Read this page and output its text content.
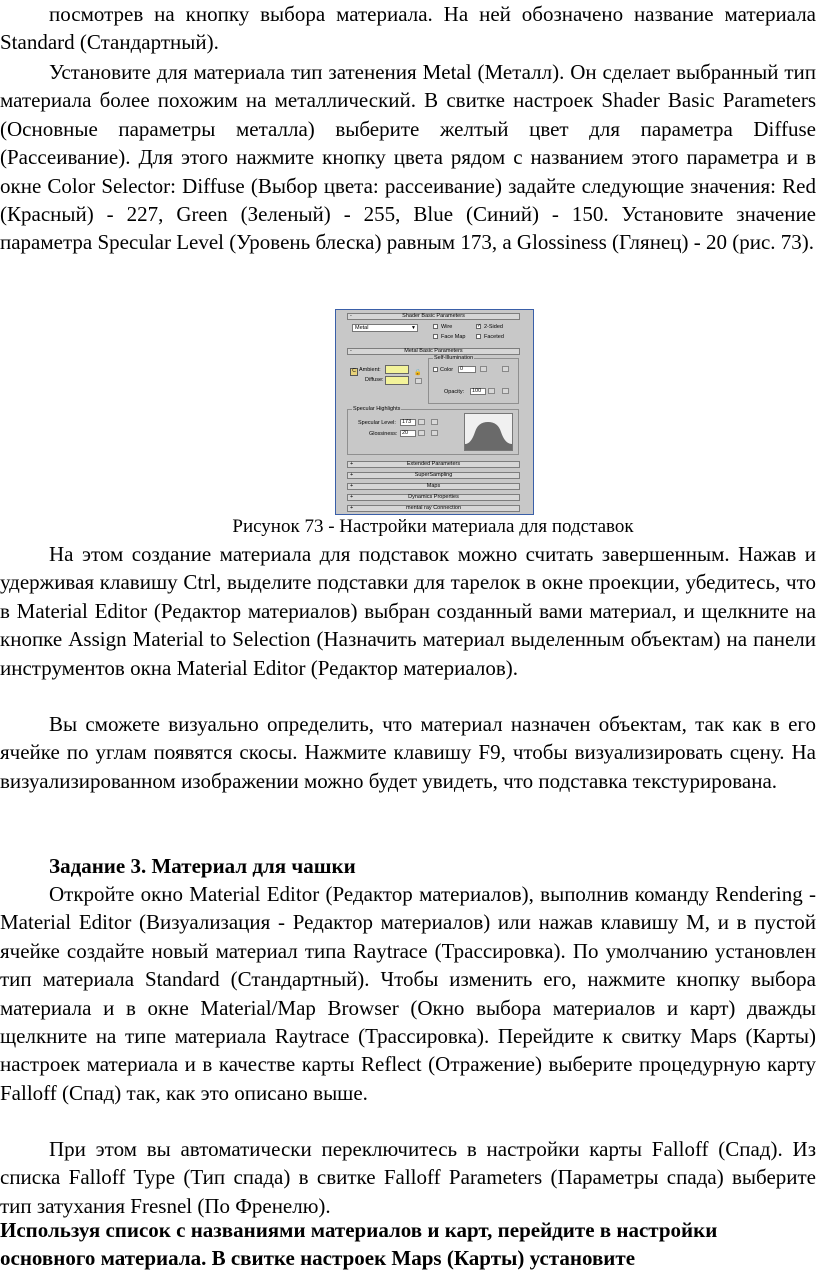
посмотрев на кнопку выбора материала. На ней обозначено название материала Standard (Стандартный).

Установите для материала тип затенения Metal (Металл). Он сделает выбранный тип материала более похожим на металлический. В свитке настроек Shader Basic Parameters (Основные параметры металла) выберите желтый цвет для параметра Diffuse (Рассеивание). Для этого нажмите кнопку цвета рядом с названием этого параметра и в окне Color Selector: Diffuse (Выбор цвета: рассеивание) задайте следующие значения: Red (Красный) - 227, Green (Зеленый) - 255, Blue (Синий) - 150. Установите значение параметра Specular Level (Уровень блеска) равным 173, a Glossiness (Глянец) - 20 (рис. 73).

-	Shader Basic Parameters
Metal	▼	Wire	✓ 2-Sided
Face Map	Faceted
-	Metal Basic Parameters
Self-Illumination
Color	0
C Ambient:
Diffuse:
🔒
Opacity:	100
Specular Highlights
Specular Level:	173
Glossiness: 20
+	Extended Parameters
+	SuperSampling
+	Maps
+	Dynamics Properties
+	mental ray Connection

Рисунок 73 - Настройки материала для подставок

На этом создание материала для подставок можно считать завершенным. Нажав и удерживая клавишу Ctrl, выделите подставки для тарелок в окне проекции, убедитесь, что в Material Editor (Редактор материалов) выбран созданный вами материал, и щелкните на кнопке Assign Material to Selection (Назначить материал выделенным объектам) на панели инструментов окна Material Editor (Редактор материалов).

Вы сможете визуально определить, что материал назначен объектам, так как в его ячейке по углам появятся скосы. Нажмите клавишу F9, чтобы визуализировать сцену. На визуализированном изображении можно будет увидеть, что подставка текстурирована.

Задание 3. Материал для чашки

Откройте окно Material Editor (Редактор материалов), выполнив команду Rendering - Material Editor (Визуализация - Редактор материалов) или нажав клавишу M, и в пустой ячейке создайте новый материал типа Raytrace (Трассировка). По умолчанию установлен тип материала Standard (Стандартный). Чтобы изменить его, нажмите кнопку выбора материала и в окне Material/Map Browser (Окно выбора материалов и карт) дважды щелкните на типе материала Raytrace (Трассировка). Перейдите к свитку Maps (Карты) настроек материала и в качестве карты Reflect (Отражение) выберите процедурную карту Falloff (Спад) так, как это описано выше.

При этом вы автоматически переключитесь в настройки карты Falloff (Спад). Из списка Falloff Type (Тип спада) в свитке Falloff Parameters (Параметры спада) выберите тип затухания Fresnel (По Френелю).

Используя список с названиями материалов и карт, перейдите в настройки основного материала. В свитке настроек Maps (Карты) установите
